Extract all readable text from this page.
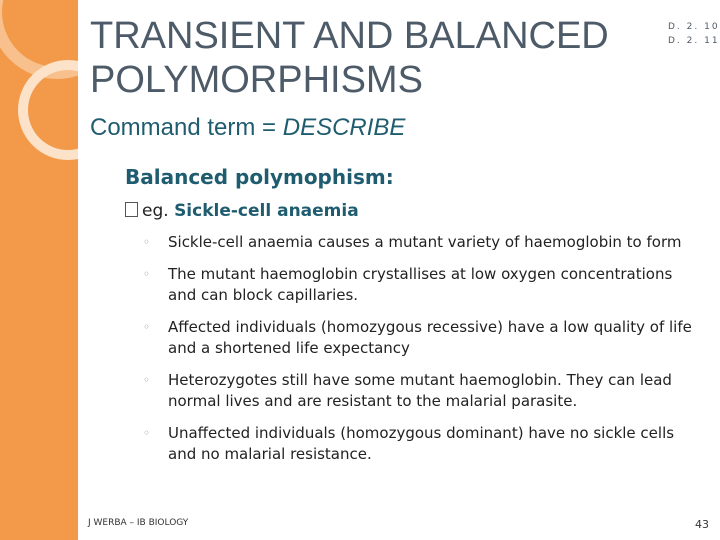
TRANSIENT AND BALANCED
POLYMORPHISMS
D. 2. 10
D. 2. 11
Command term = DESCRIBE
Balanced polymophism:
eg. Sickle-cell anaemia
◦ Sickle-cell anaemia causes a mutant variety of haemoglobin to form
◦ The mutant haemoglobin crystallises at low oxygen concentrations and can block capillaries.
◦ Affected individuals (homozygous recessive) have a low quality of life and a shortened life expectancy
◦ Heterozygotes still have some mutant haemoglobin. They can lead normal lives and are resistant to the malarial parasite.
◦ Unaffected individuals (homozygous dominant) have no sickle cells and no malarial resistance.
J WERBA – IB BIOLOGY	43
